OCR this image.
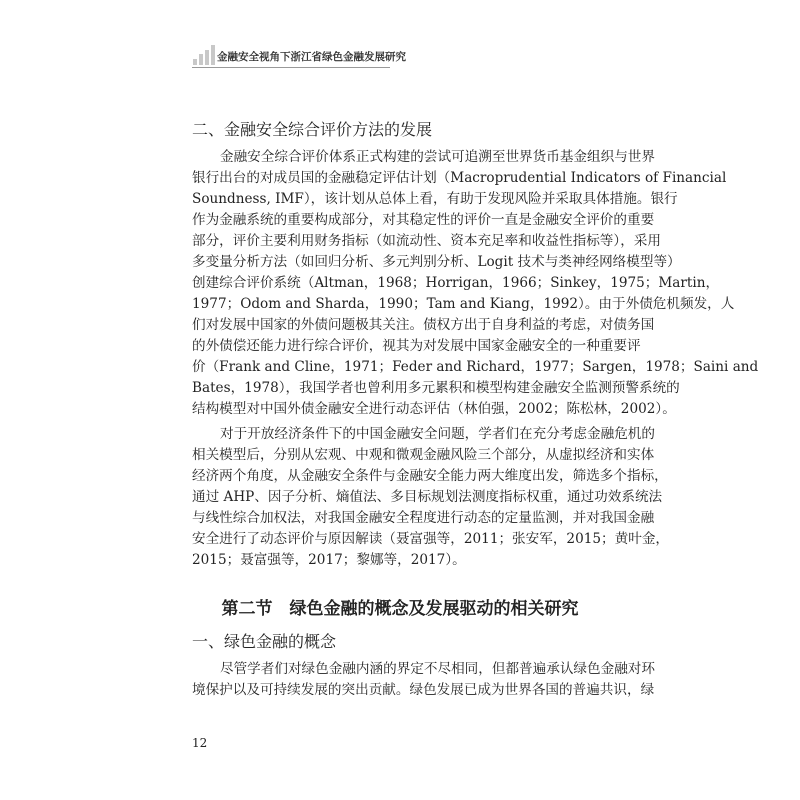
金融安全视角下浙江省绿色金融发展研究
二、金融安全综合评价方法的发展
金融安全综合评价体系正式构建的尝试可追溯至世界货币基金组织与世界
银行出台的对成员国的金融稳定评估计划（Macroprudential Indicators of Financial
Soundness, IMF），该计划从总体上看，有助于发现风险并采取具体措施。银行
作为金融系统的重要构成部分，对其稳定性的评价一直是金融安全评价的重要
部分，评价主要利用财务指标（如流动性、资本充足率和收益性指标等），采用
多变量分析方法（如回归分析、多元判别分析、Logit 技术与类神经网络模型等）
创建综合评价系统（Altman，1968；Horrigan，1966；Sinkey，1975；Martin，
1977；Odom and Sharda，1990；Tam and Kiang，1992）。由于外债危机频发，人
们对发展中国家的外债问题极其关注。债权方出于自身利益的考虑，对债务国
的外债偿还能力进行综合评价，视其为对发展中国家金融安全的一种重要评
价（Frank and Cline，1971；Feder and Richard，1977；Sargen，1978；Saini and
Bates，1978），我国学者也曾利用多元累积和模型构建金融安全监测预警系统的
结构模型对中国外债金融安全进行动态评估（林伯强，2002；陈松林，2002）。
对于开放经济条件下的中国金融安全问题，学者们在充分考虑金融危机的
相关模型后，分别从宏观、中观和微观金融风险三个部分，从虚拟经济和实体
经济两个角度，从金融安全条件与金融安全能力两大维度出发，筛选多个指标，
通过 AHP、因子分析、熵值法、多目标规划法测度指标权重，通过功效系统法
与线性综合加权法，对我国金融安全程度进行动态的定量监测，并对我国金融
安全进行了动态评价与原因解读（聂富强等，2011；张安军，2015；黄叶金，
2015；聂富强等，2017；黎娜等，2017）。
第二节　绿色金融的概念及发展驱动的相关研究
一、绿色金融的概念
尽管学者们对绿色金融内涵的界定不尽相同，但都普遍承认绿色金融对环
境保护以及可持续发展的突出贡献。绿色发展已成为世界各国的普遍共识，绿
12
